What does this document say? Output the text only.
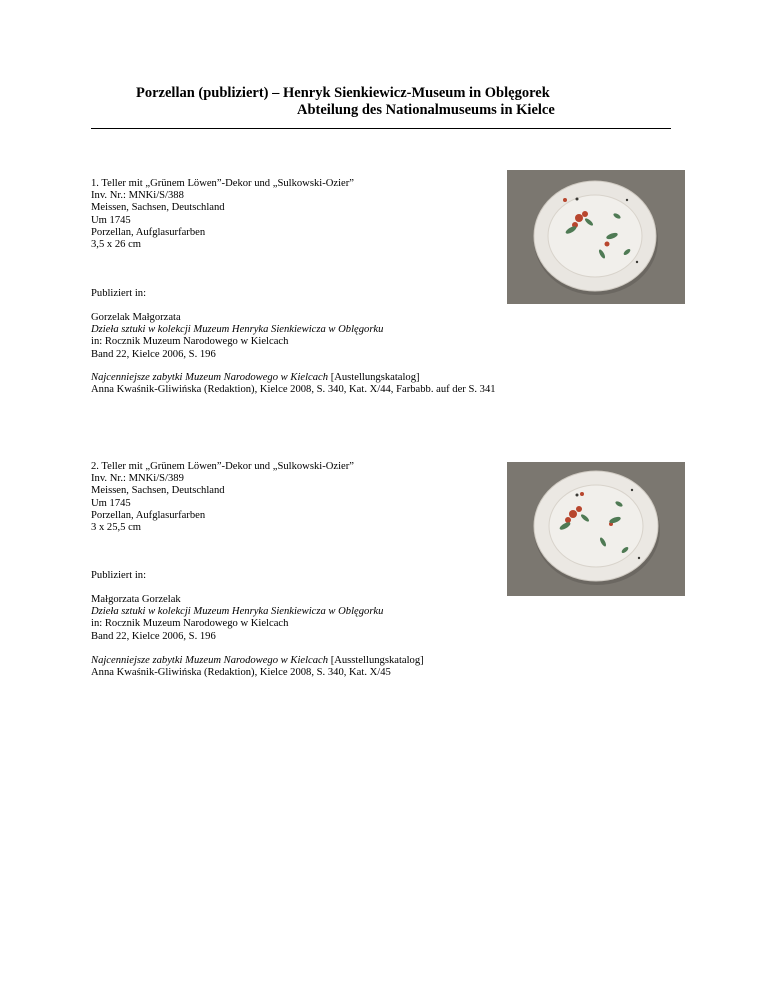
Porzellan (publiziert) – Henryk Sienkiewicz-Museum in Oblęgorek
Abteilung des Nationalmuseums in Kielce
1. Teller mit „Grünem Löwen”-Dekor und „Sulkowski-Ozier”
Inv. Nr.: MNKi/S/388
Meissen, Sachsen, Deutschland
Um 1745
Porzellan, Aufglasurfarben
3,5 x 26 cm
Publiziert in:
Gorzelak Małgorzata
Dzieła sztuki w kolekcji Muzeum Henryka Sienkiewicza w Oblęgorku
in: Rocznik Muzeum Narodowego w Kielcach
Band 22, Kielce 2006, S. 196
Najcenniejsze zabytki Muzeum Narodowego w Kielcach [Austellungskatalog]
Anna Kwaśnik-Gliwińska (Redaktion), Kielce 2008, S. 340, Kat. X/44, Farbabb. auf der S. 341
2. Teller mit „Grünem Löwen”-Dekor und „Sulkowski-Ozier”
Inv. Nr.: MNKi/S/389
Meissen, Sachsen, Deutschland
Um 1745
Porzellan, Aufglasurfarben
3 x 25,5 cm
Publiziert in:
Małgorzata Gorzelak
Dzieła sztuki w kolekcji Muzeum Henryka Sienkiewicza w Oblęgorku
in: Rocznik Muzeum Narodowego w Kielcach
Band 22, Kielce 2006, S. 196
Najcenniejsze zabytki Muzeum Narodowego w Kielcach [Ausstellungskatalog]
Anna Kwaśnik-Gliwińska (Redaktion), Kielce 2008, S. 340, Kat. X/45
